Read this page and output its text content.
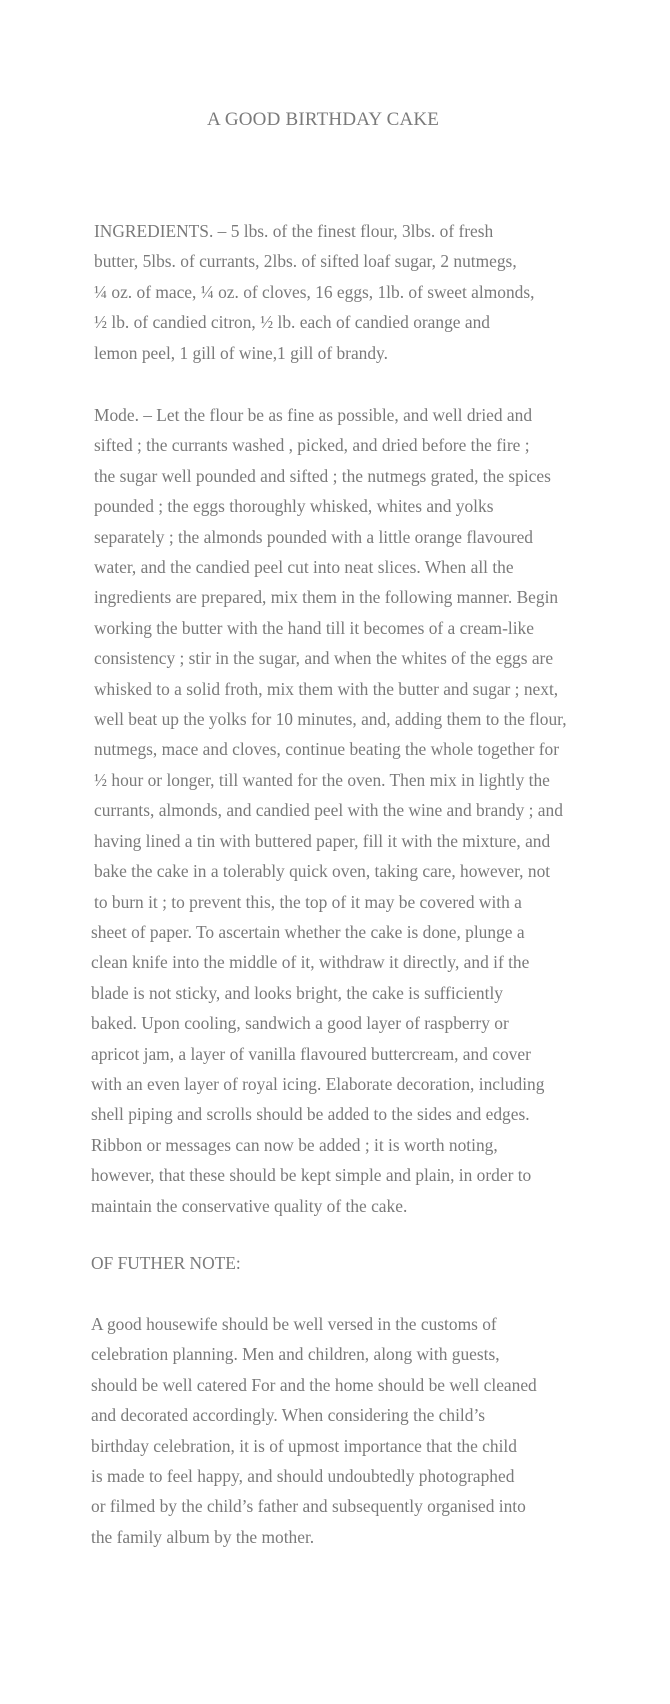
A GOOD BIRTHDAY CAKE
INGREDIENTS. – 5 lbs. of the finest flour, 3lbs. of fresh
butter, 5lbs. of currants, 2lbs. of sifted loaf sugar, 2 nutmegs,
¼ oz. of mace, ¼ oz. of cloves, 16 eggs, 1lb. of sweet almonds,
½ lb. of candied citron, ½ lb. each of candied orange and
lemon peel, 1 gill of wine,1 gill of brandy.
Mode. – Let the flour be as fine as possible, and well dried and
sifted ; the currants washed , picked, and dried before the fire ;
the sugar well pounded and sifted ; the nutmegs grated, the spices
pounded ; the eggs thoroughly whisked, whites and yolks
separately ; the almonds pounded with a little orange flavoured
water, and the candied peel cut into neat slices. When all the
ingredients are prepared, mix them in the following manner. Begin
working the butter with the hand till it becomes of a cream-like
consistency ; stir in the sugar, and when the whites of the eggs are
whisked to a solid froth, mix them with the butter and sugar ; next,
well beat up the yolks for 10 minutes, and, adding them to the flour,
nutmegs, mace and cloves, continue beating the whole together for
½ hour or longer, till wanted for the oven. Then mix in lightly the
currants, almonds, and candied peel with the wine and brandy ; and
having lined a tin with buttered paper, fill it with the mixture, and
bake the cake in a tolerably quick oven, taking care, however, not
to burn it ; to prevent this, the top of it may be covered with a
sheet of paper. To ascertain whether the cake is done, plunge a
clean knife into the middle of it, withdraw it directly, and if the
blade is not sticky, and looks bright, the cake is sufficiently
baked. Upon cooling, sandwich a good layer of raspberry or
apricot jam, a layer of vanilla flavoured buttercream, and cover
with an even layer of royal icing. Elaborate decoration, including
shell piping and scrolls should be added to the sides and edges.
Ribbon or messages can now be added ; it is worth noting,
however, that these should be kept simple and plain, in order to
maintain the conservative quality of the cake.
OF FUTHER NOTE:
A good housewife should be well versed in the customs of
celebration planning. Men and children, along with guests,
should be well catered For and the home should be well cleaned
and decorated accordingly. When considering the child’s
birthday celebration, it is of upmost importance that the child
is made to feel happy, and should undoubtedly photographed
or filmed by the child’s father and subsequently organised into
the family album by the mother.
